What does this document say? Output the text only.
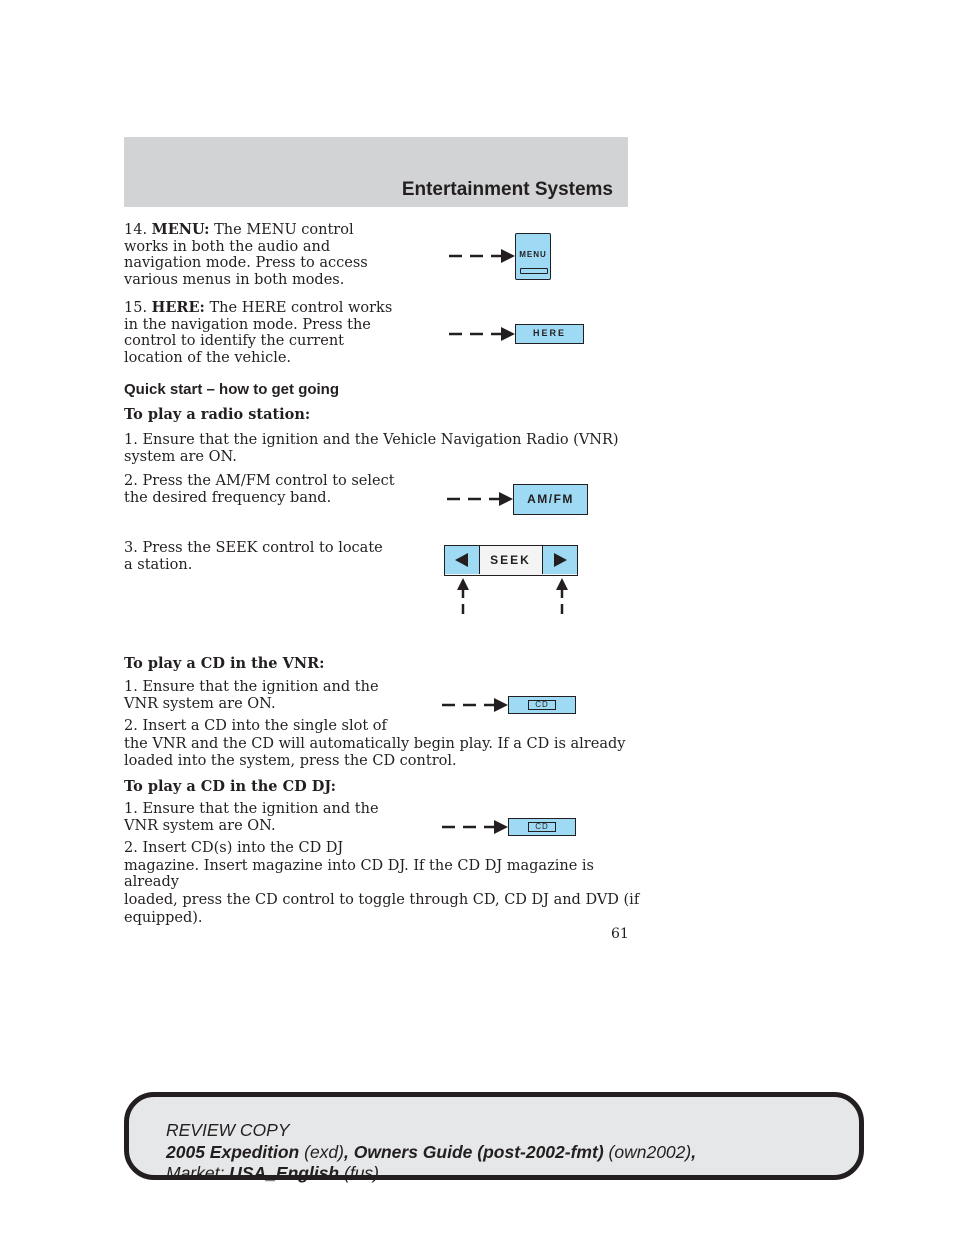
Entertainment Systems
14. MENU: The MENU control
works in both the audio and
navigation mode. Press to access
various menus in both modes.
MENU
15. HERE: The HERE control works
in the navigation mode. Press the
control to identify the current
location of the vehicle.
HERE
Quick start – how to get going
To play a radio station:
1. Ensure that the ignition and the Vehicle Navigation Radio (VNR)
system are ON.
2. Press the AM/FM control to select
the desired frequency band.	AM/FM
3. Press the SEEK control to locate
a station.	SEEK
To play a CD in the VNR:
1. Ensure that the ignition and the
VNR system are ON.
2. Insert a CD into the single slot of
the VNR and the CD will automatically begin play. If a CD is already
loaded into the system, press the CD control.
CD
To play a CD in the CD DJ:
1. Ensure that the ignition and the
VNR system are ON.
2. Insert CD(s) into the CD DJ
magazine. Insert magazine into CD DJ. If the CD DJ magazine is already
loaded, press the CD control to toggle through CD, CD DJ and DVD (if
equipped).
CD
61
REVIEW COPY
2005 Expedition (exd), Owners Guide (post-2002-fmt) (own2002),
Market: USA_English (fus)
